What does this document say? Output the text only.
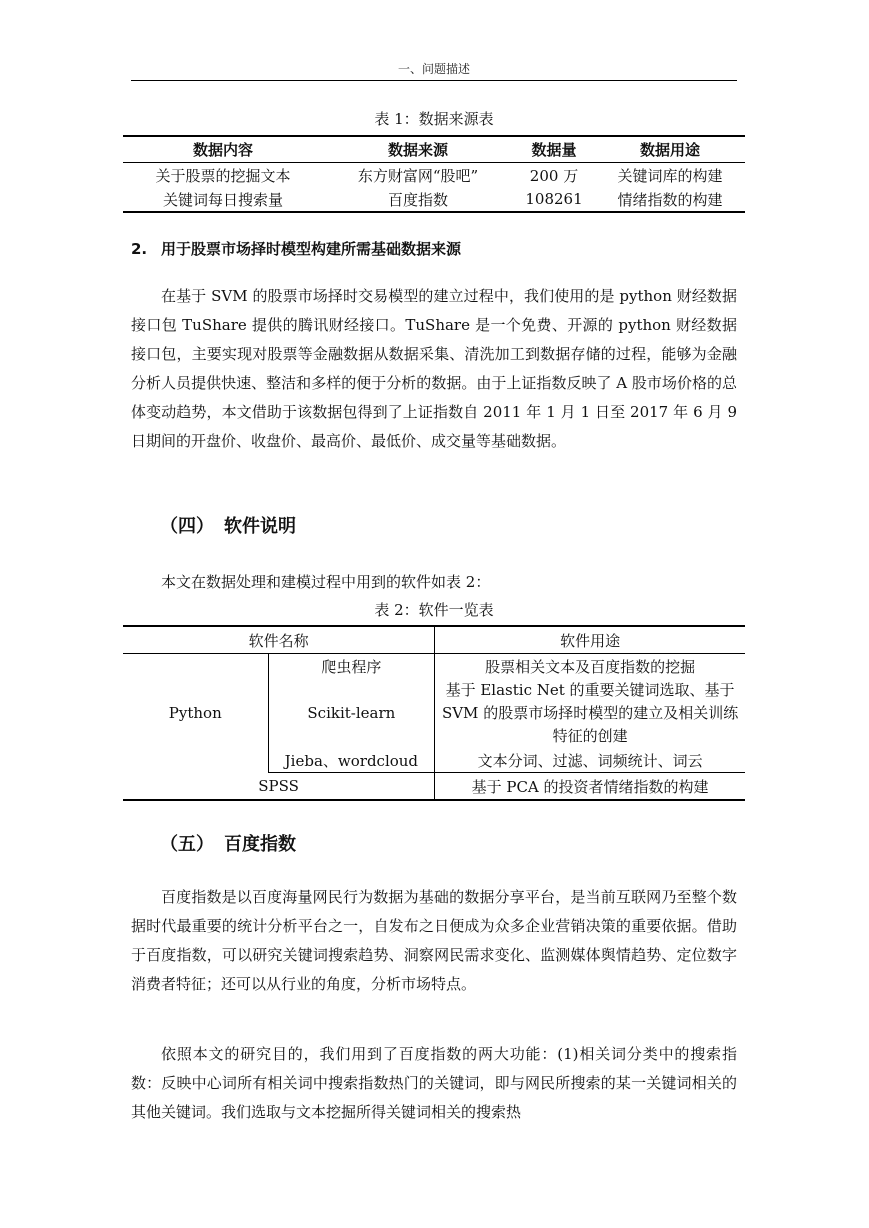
一、问题描述
表 1：数据来源表
数据内容	数据来源	数据量	数据用途
关于股票的挖掘文本	东方财富网“股吧”	200 万	关键词库的构建
关键词每日搜索量	百度指数	108261	情绪指数的构建
2. 用于股票市场择时模型构建所需基础数据来源

在基于 SVM 的股票市场择时交易模型的建立过程中，我们使用的是 python 财经数据接口包 TuShare 提供的腾讯财经接口。TuShare 是一个免费、开源的 python 财经数据接口包，主要实现对股票等金融数据从数据采集、清洗加工到数据存储的过程，能够为金融分析人员提供快速、整洁和多样的便于分析的数据。由于上证指数反映了 A 股市场价格的总体变动趋势，本文借助于该数据包得到了上证指数自 2011 年 1 月 1 日至 2017 年 6 月 9 日期间的开盘价、收盘价、最高价、最低价、成交量等基础数据。

（四） 软件说明

本文在数据处理和建模过程中用到的软件如表 2：

表 2：软件一览表
软件名称		软件用途
Python	爬虫程序	股票相关文本及百度指数的挖掘
	Scikit-learn	基于 Elastic Net 的重要关键词选取、基于 SVM 的股票市场择时模型的建立及相关训练特征的创建
	Jieba、wordcloud	文本分词、过滤、词频统计、词云
SPSS		基于 PCA 的投资者情绪指数的构建
（五） 百度指数

百度指数是以百度海量网民行为数据为基础的数据分享平台，是当前互联网乃至整个数据时代最重要的统计分析平台之一，自发布之日便成为众多企业营销决策的重要依据。借助于百度指数，可以研究关键词搜索趋势、洞察网民需求变化、监测媒体舆情趋势、定位数字消费者特征；还可以从行业的角度，分析市场特点。

依照本文的研究目的，我们用到了百度指数的两大功能：(1)相关词分类中的搜索指数：反映中心词所有相关词中搜索指数热门的关键词，即与网民所搜索的某一关键词相关的其他关键词。我们选取与文本挖掘所得关键词相关的搜索热
